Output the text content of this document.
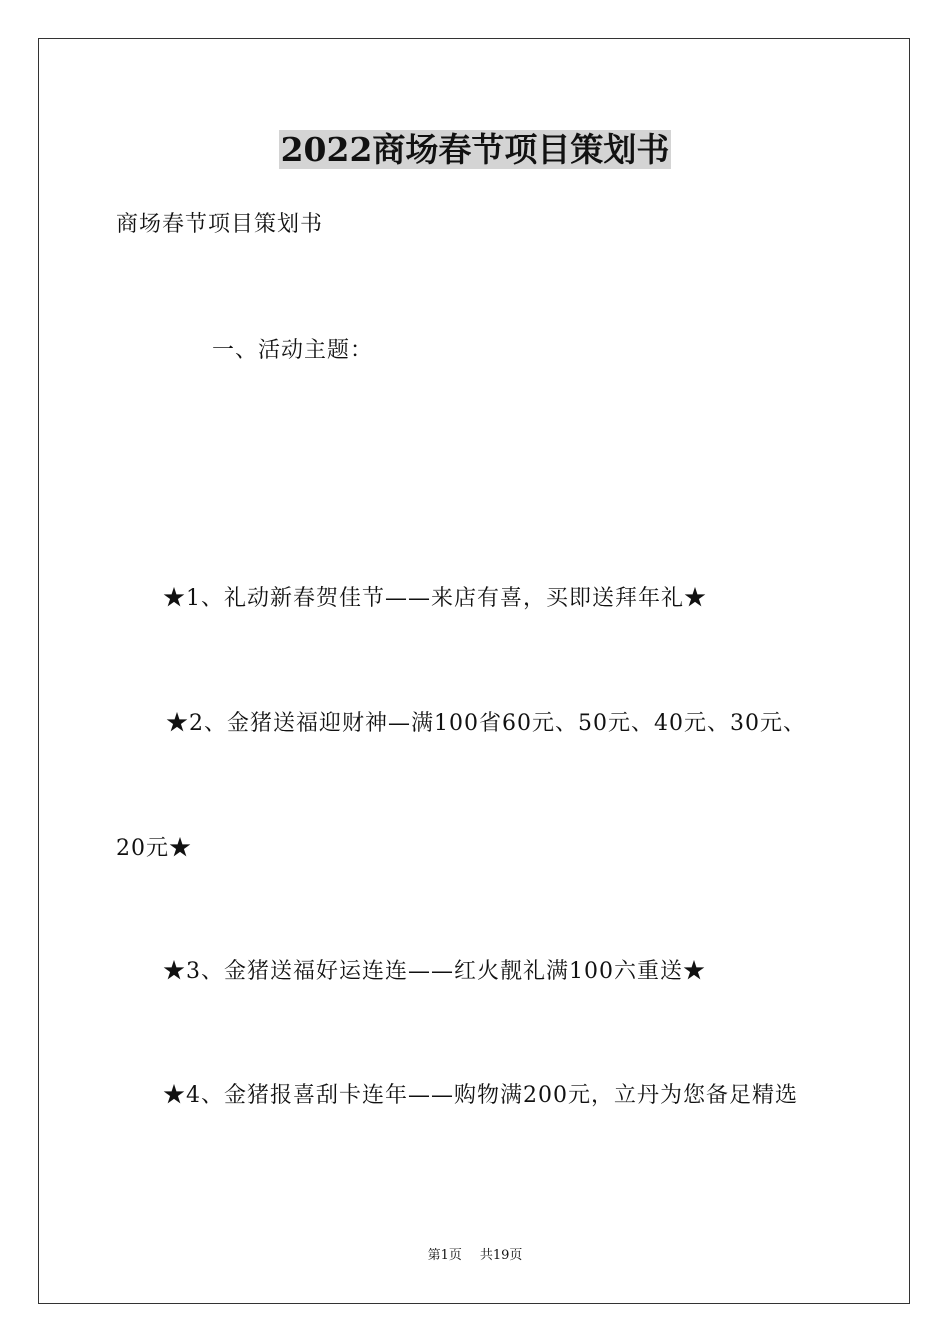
2022商场春节项目策划书
商场春节项目策划书
一、活动主题：
★1、礼动新春贺佳节——来店有喜，买即送拜年礼★
★2、金猪送福迎财神—满100省60元、50元、40元、30元、
20元★
★3、金猪送福好运连连——红火靓礼满100六重送★
★4、金猪报喜刮卡连年——购物满200元，立丹为您备足精选
第1页 共19页
